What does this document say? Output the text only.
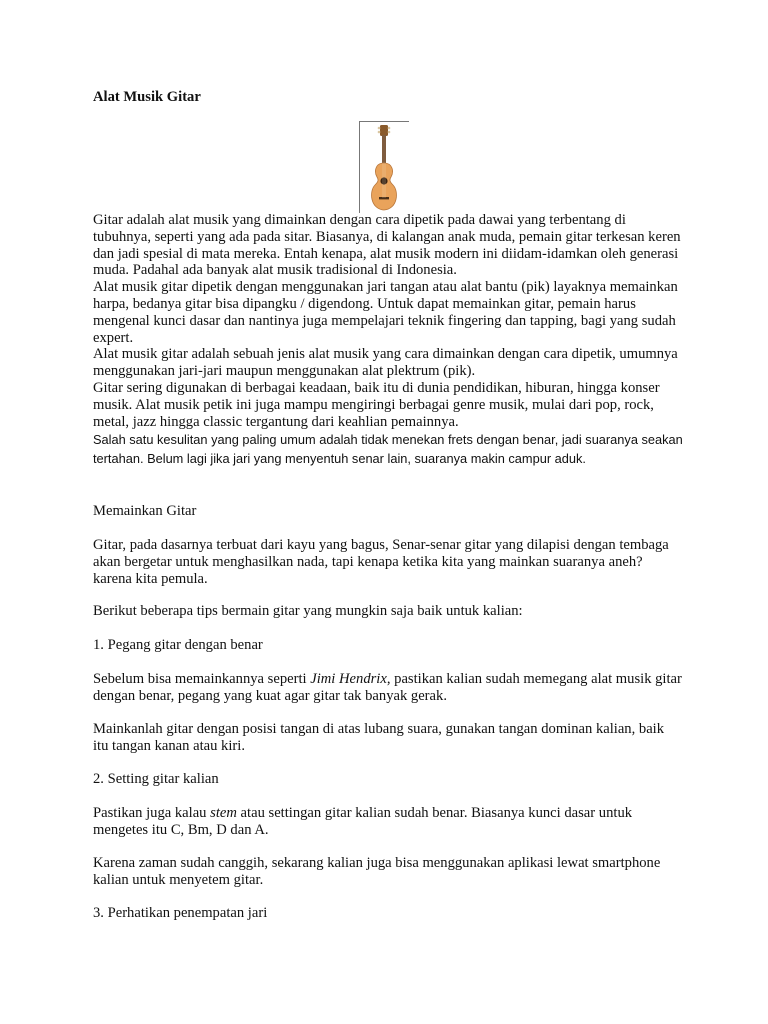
Alat Musik Gitar

Gitar adalah alat musik yang dimainkan dengan cara dipetik pada dawai yang terbentang di tubuhnya, seperti yang ada pada sitar. Biasanya, di kalangan anak muda, pemain gitar terkesan keren dan jadi spesial di mata mereka. Entah kenapa, alat musik modern ini diidam-idamkan oleh generasi muda. Padahal ada banyak alat musik tradisional di Indonesia.

Alat musik gitar dipetik dengan menggunakan jari tangan atau alat bantu (pik) layaknya memainkan harpa, bedanya gitar bisa dipangku / digendong. Untuk dapat memainkan gitar, pemain harus mengenal kunci dasar dan nantinya juga mempelajari teknik fingering dan tapping, bagi yang sudah expert.

Alat musik gitar adalah sebuah jenis alat musik yang cara dimainkan dengan cara dipetik, umumnya menggunakan jari-jari maupun menggunakan alat plektrum (pik).

Gitar sering digunakan di berbagai keadaan, baik itu di dunia pendidikan, hiburan, hingga konser musik. Alat musik petik ini juga mampu mengiringi berbagai genre musik, mulai dari pop, rock, metal, jazz hingga classic tergantung dari keahlian pemainnya.

Salah satu kesulitan yang paling umum adalah tidak menekan frets dengan benar, jadi suaranya seakan tertahan. Belum lagi jika jari yang menyentuh senar lain, suaranya makin campur aduk.

Memainkan Gitar

Gitar, pada dasarnya terbuat dari kayu yang bagus, Senar-senar gitar yang dilapisi dengan tembaga akan bergetar untuk menghasilkan nada, tapi kenapa ketika kita yang mainkan suaranya aneh? karena kita pemula.

Berikut beberapa tips bermain gitar yang mungkin saja baik untuk kalian:

1. Pegang gitar dengan benar

Sebelum bisa memainkannya seperti Jimi Hendrix, pastikan kalian sudah memegang alat musik gitar dengan benar, pegang yang kuat agar gitar tak banyak gerak.

Mainkanlah gitar dengan posisi tangan di atas lubang suara, gunakan tangan dominan kalian, baik itu tangan kanan atau kiri.

2. Setting gitar kalian

Pastikan juga kalau stem atau settingan gitar kalian sudah benar. Biasanya kunci dasar untuk mengetes itu C, Bm, D dan A.

Karena zaman sudah canggih, sekarang kalian juga bisa menggunakan aplikasi lewat smartphone kalian untuk menyetem gitar.

3. Perhatikan penempatan jari
